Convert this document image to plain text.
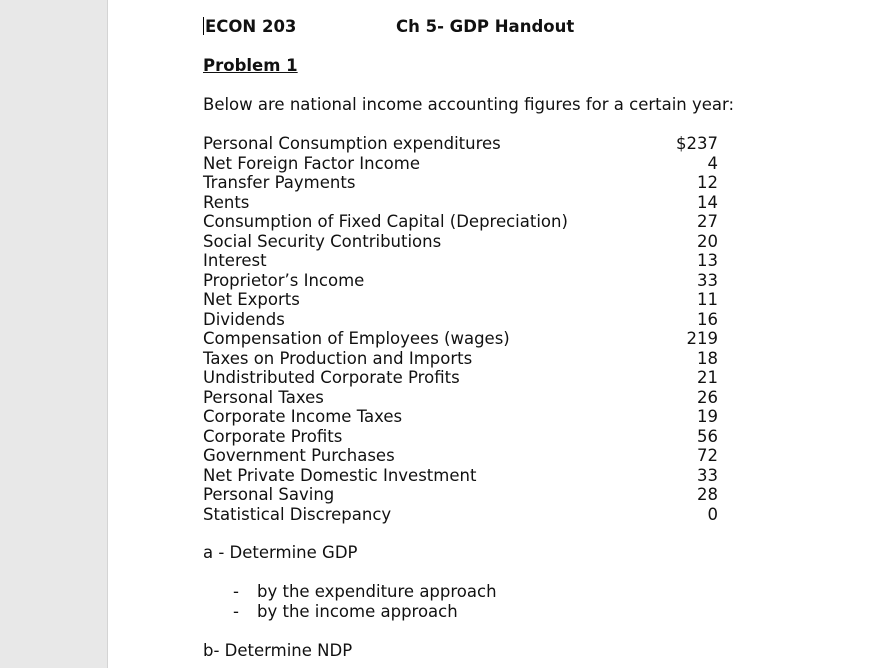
ECON 203	Ch 5- GDP Handout
Problem 1
Below are national income accounting figures for a certain year:
Personal Consumption expenditures	$237
Net Foreign Factor Income	4
Transfer Payments	12
Rents	14
Consumption of Fixed Capital (Depreciation)	27
Social Security Contributions	20
Interest	13
Proprietor’s Income	33
Net Exports	11
Dividends	16
Compensation of Employees (wages)	219
Taxes on Production and Imports	18
Undistributed Corporate Profits	21
Personal Taxes	26
Corporate Income Taxes	19
Corporate Profits	56
Government Purchases	72
Net Private Domestic Investment	33
Personal Saving	28
Statistical Discrepancy	0
a - Determine GDP
- by the expenditure approach
- by the income approach
b- Determine NDP
